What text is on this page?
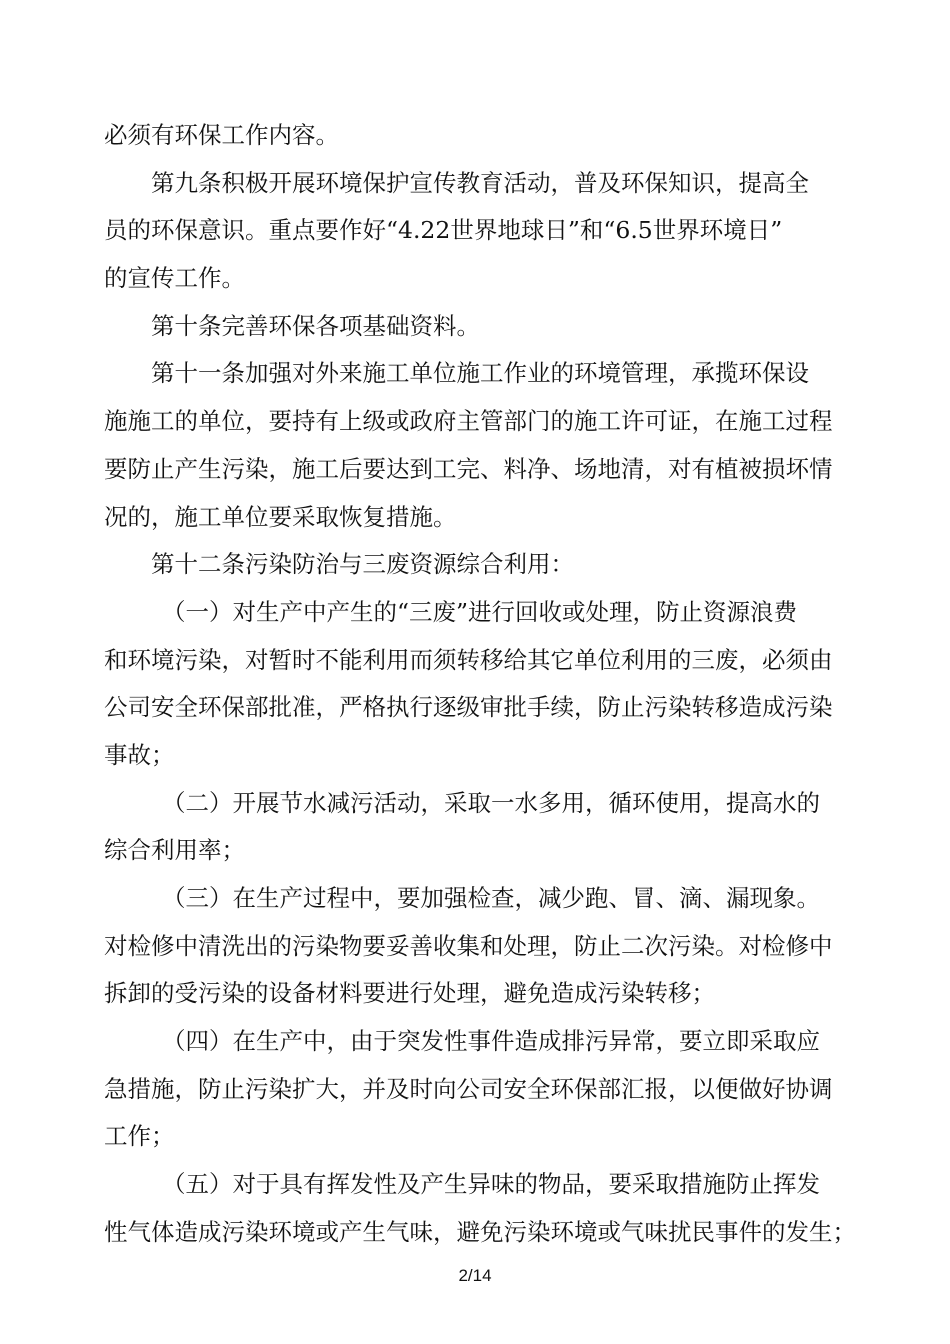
必须有环保工作内容。
第九条积极开展环境保护宣传教育活动，普及环保知识，提高全
员的环保意识。重点要作好“4.22世界地球日”和“6.5世界环境日”
的宣传工作。
第十条完善环保各项基础资料。
第十一条加强对外来施工单位施工作业的环境管理，承揽环保设
施施工的单位，要持有上级或政府主管部门的施工许可证，在施工过程
要防止产生污染，施工后要达到工完、料净、场地清，对有植被损坏情
况的，施工单位要采取恢复措施。
第十二条污染防治与三废资源综合利用：
（一）对生产中产生的“三废”进行回收或处理，防止资源浪费
和环境污染，对暂时不能利用而须转移给其它单位利用的三废，必须由
公司安全环保部批准，严格执行逐级审批手续，防止污染转移造成污染
事故；
（二）开展节水减污活动，采取一水多用，循环使用，提高水的
综合利用率；
（三）在生产过程中，要加强检查，减少跑、冒、滴、漏现象。
对检修中清洗出的污染物要妥善收集和处理，防止二次污染。对检修中
拆卸的受污染的设备材料要进行处理，避免造成污染转移；
（四）在生产中，由于突发性事件造成排污异常，要立即采取应
急措施，防止污染扩大，并及时向公司安全环保部汇报，以便做好协调
工作；
（五）对于具有挥发性及产生异味的物品，要采取措施防止挥发
性气体造成污染环境或产生气味，避免污染环境或气味扰民事件的发生；
2/14
